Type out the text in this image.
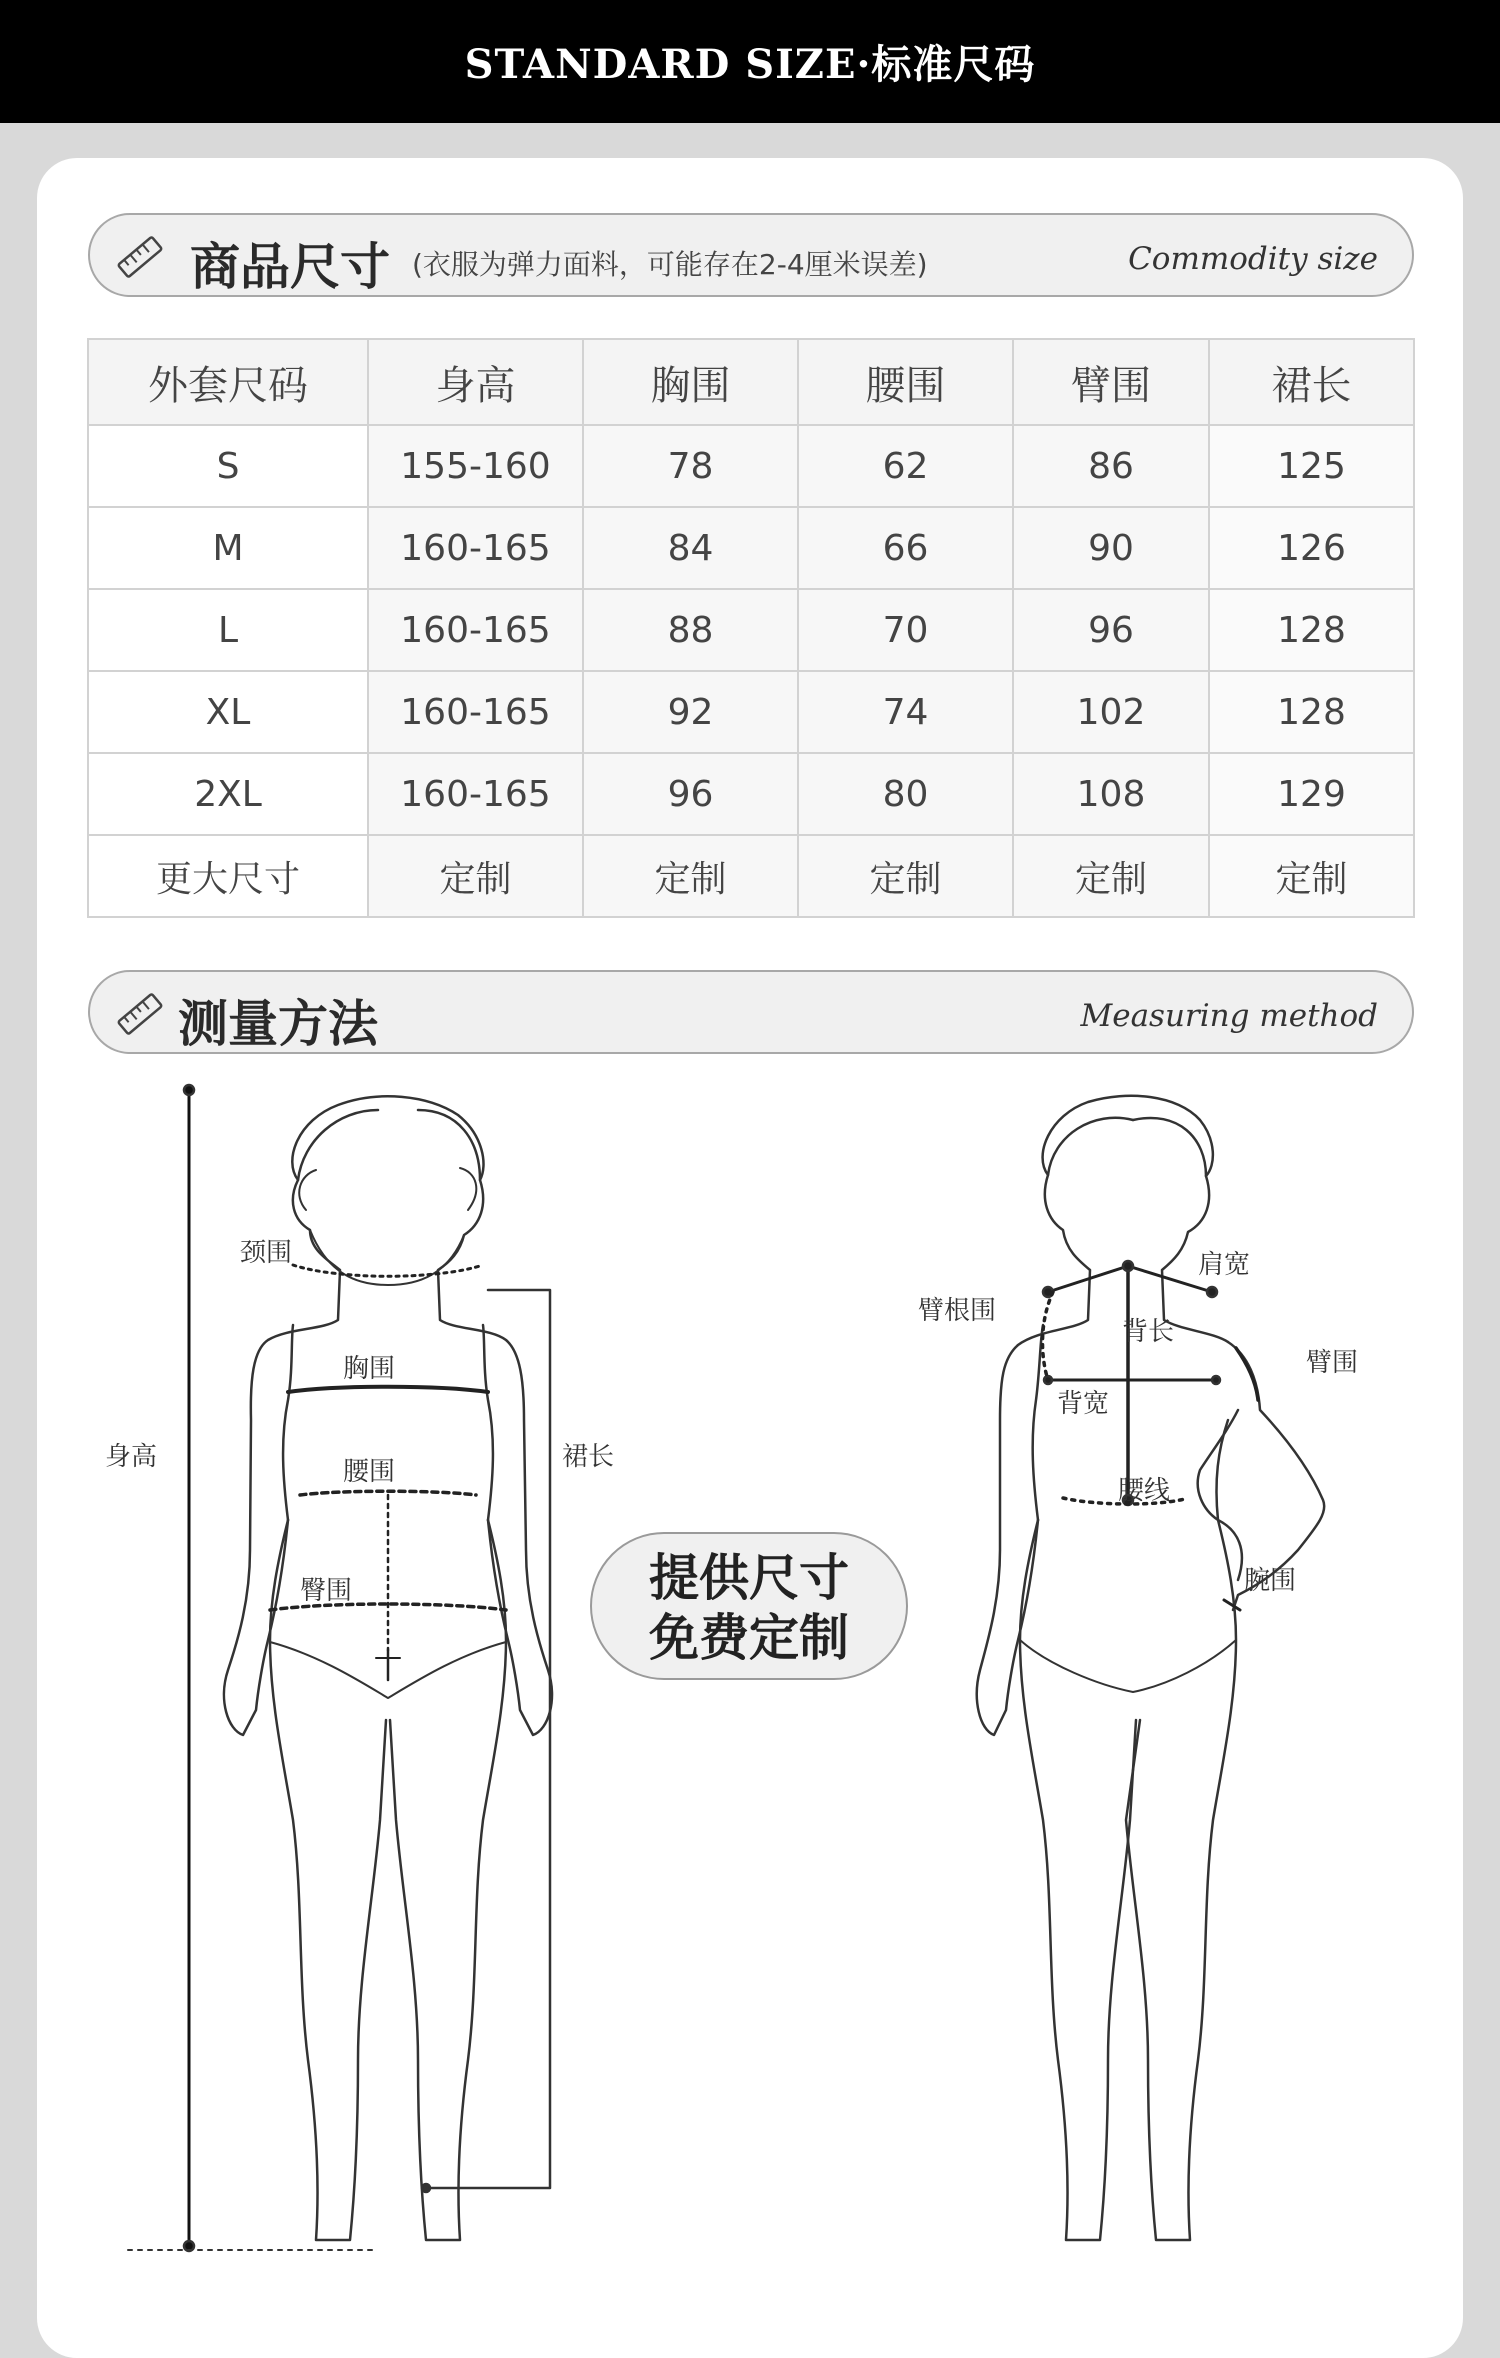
STANDARD SIZE·标准尺码
商品尺寸 (衣服为弹力面料，可能存在2-4厘米误差)	Commodity size
外套尺码	身高	胸围	腰围	臂围	裙长
S	155-160	78	62	86	125
M	160-165	84	66	90	126
L	160-165	88	70	96	128
XL	160-165	92	74	102	128
2XL	160-165	96	80	108	129
更大尺寸	定制	定制	定制	定制	定制
测量方法	Measuring method
颈围
胸围
腰围
臀围
身高	裙长
肩宽
臂根围
背长
臂围
背宽
腰线
腕围
提供尺寸
免费定制
